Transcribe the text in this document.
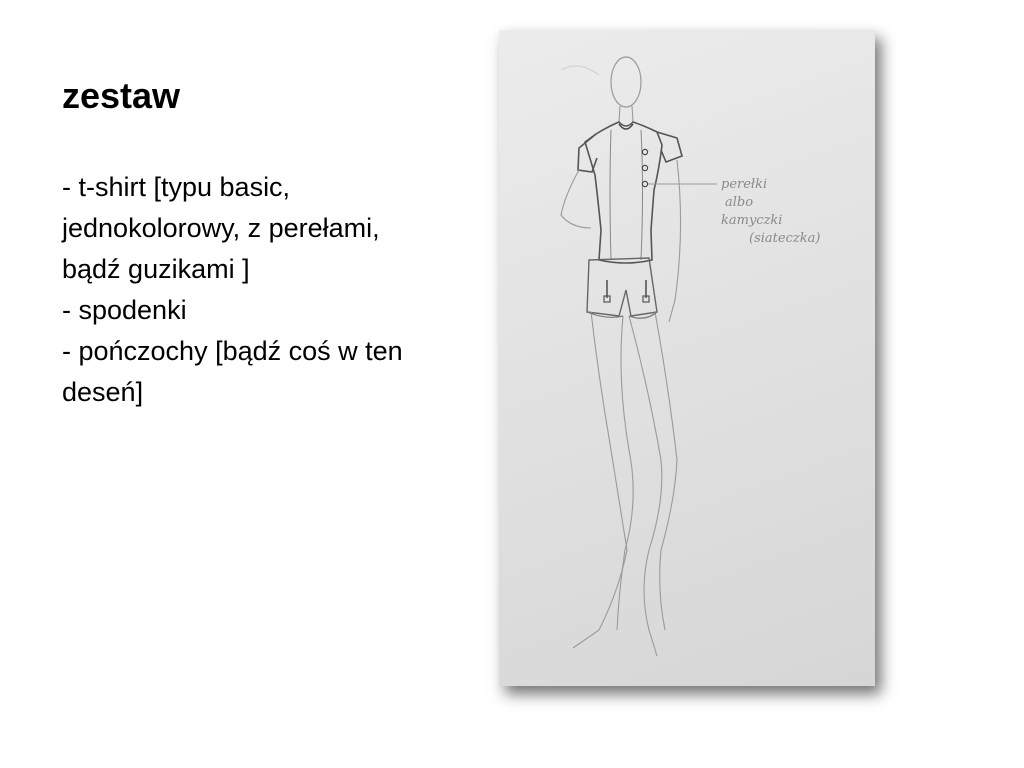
zestaw
- t-shirt [typu basic,
jednokolorowy, z perełami,
bądź guzikami ]
- spodenki
- pończochy [bądź coś w ten
deseń]
perełki
albo
kamyczki
(siateczka)
